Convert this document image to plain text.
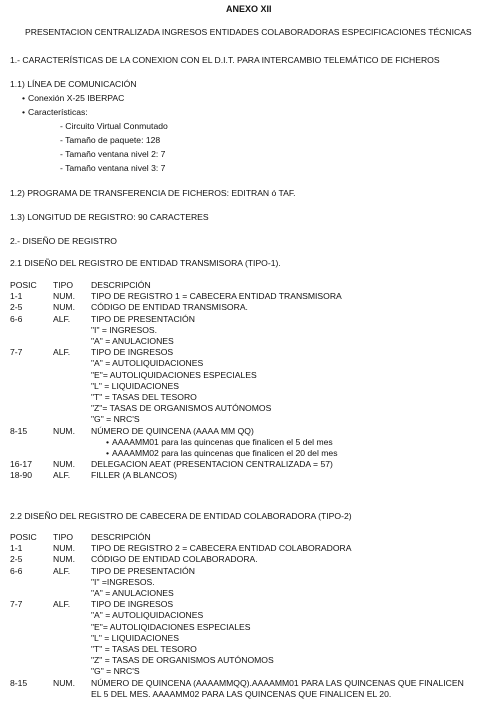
ANEXO XII
PRESENTACION CENTRALIZADA INGRESOS ENTIDADES COLABORADORAS ESPECIFICACIONES TÉCNICAS
1.- CARACTERÍSTICAS DE LA CONEXION CON EL D.I.T. PARA INTERCAMBIO TELEMÁTICO DE FICHEROS
1.1) LÍNEA DE COMUNICACIÓN
• Conexión X-25 IBERPAC
• Características:
- Circuito Virtual Conmutado
- Tamaño de paquete: 128
- Tamaño ventana nivel 2: 7
- Tamaño ventana nivel 3: 7
1.2) PROGRAMA DE TRANSFERENCIA DE FICHEROS: EDITRAN ó TAF.
1.3) LONGITUD DE REGISTRO: 90 CARACTERES
2.- DISEÑO DE REGISTRO
2.1 DISEÑO DEL REGISTRO DE ENTIDAD TRANSMISORA (TIPO-1).
POSIC TIPO DESCRIPCIÓN
1-1	NUM. TIPO DE REGISTRO 1 = CABECERA ENTIDAD TRANSMISORA
2-5	NUM. CÓDIGO DE ENTIDAD TRANSMISORA.
6-6	ALF. TIPO DE PRESENTACIÓN
"I" = INGRESOS.
"A" = ANULACIONES
7-7	ALF. TIPO DE INGRESOS
"A" = AUTOLIQUIDACIONES
"E"= AUTOLIQUIDACIONES ESPECIALES
"L" = LIQUIDACIONES
"T" = TASAS DEL TESORO
"Z"= TASAS DE ORGANISMOS AUTÓNOMOS
"G" = NRC'S
8-15	NUM. NÚMERO DE QUINCENA (AAAA MM QQ)
• AAAAMM01 para las quincenas que finalicen el 5 del mes
• AAAAMM02 para las quincenas que finalicen el 20 del mes
16-17 NUM. DELEGACION AEAT (PRESENTACION CENTRALIZADA = 57)
18-90 ALF. FILLER (A BLANCOS)
2.2 DISEÑO DEL REGISTRO DE CABECERA DE ENTIDAD COLABORADORA (TIPO-2)
POSIC TIPO DESCRIPCIÓN
1-1	NUM. TIPO DE REGISTRO 2 = CABECERA ENTIDAD COLABORADORA
2-5	NUM. CÓDIGO DE ENTIDAD COLABORADORA.
6-6	ALF. TIPO DE PRESENTACIÓN
"I" =INGRESOS.
"A" = ANULACIONES
7-7	ALF. TIPO DE INGRESOS
"A" = AUTOLIQUIDACIONES
"E"= AUTOLIQIDACIONES ESPECIALES
"L" = LIQUIDACIONES
"T" = TASAS DEL TESORO
"Z" = TASAS DE ORGANISMOS AUTÓNOMOS
"G" = NRC'S
8-15	NUM. NÚMERO DE QUINCENA (AAAAMMQQ).AAAAMM01 PARA LAS QUINCENAS QUE FINALICEN
EL 5 DEL MES. AAAAMM02 PARA LAS QUINCENAS QUE FINALICEN EL 20.
